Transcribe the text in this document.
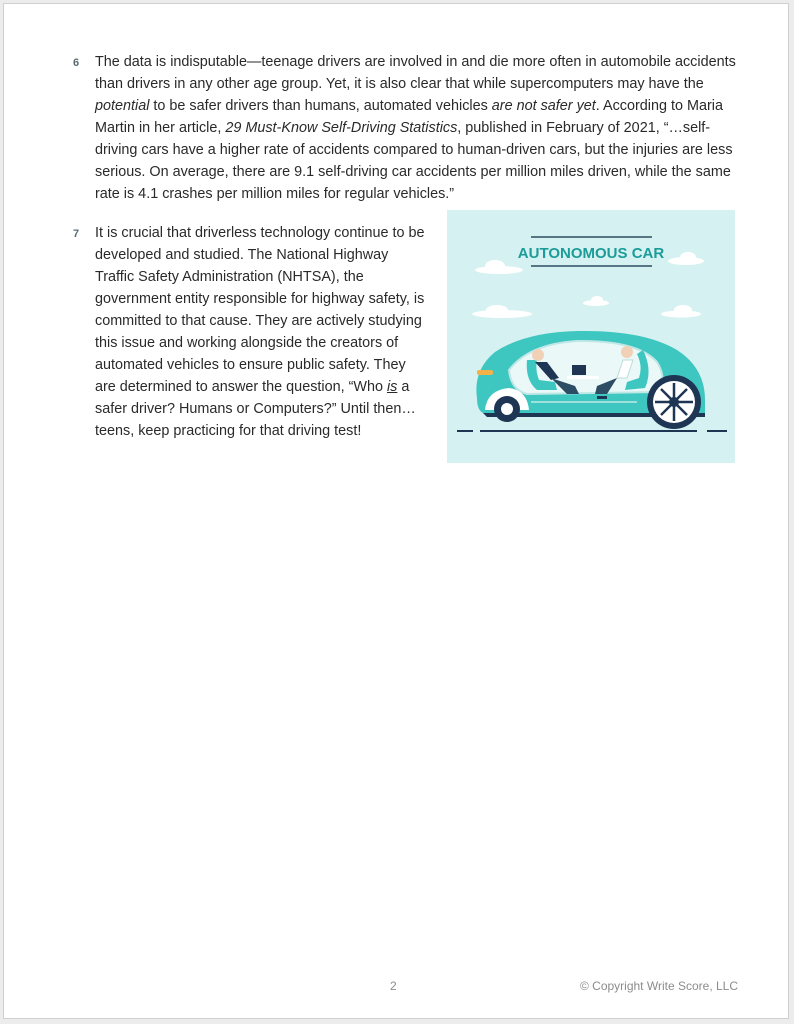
6 The data is indisputable—teenage drivers are involved in and die more often in automobile accidents than drivers in any other age group. Yet, it is also clear that while supercomputers may have the potential to be safer drivers than humans, automated vehicles are not safer yet. According to Maria Martin in her article, 29 Must-Know Self-Driving Statistics, published in February of 2021, “…self-driving cars have a higher rate of accidents compared to human-driven cars, but the injuries are less serious. On average, there are 9.1 self-driving car accidents per million miles driven, while the same rate is 4.1 crashes per million miles for regular vehicles.”
7 It is crucial that driverless technology continue to be developed and studied. The National Highway Traffic Safety Administration (NHTSA), the government entity responsible for highway safety, is committed to that cause. They are actively studying this issue and working alongside the creators of automated vehicles to ensure public safety. They are determined to answer the question, “Who is a safer driver? Humans or Computers?” Until then…teens, keep practicing for that driving test!
AUTONOMOUS CAR
2	© Copyright Write Score, LLC
